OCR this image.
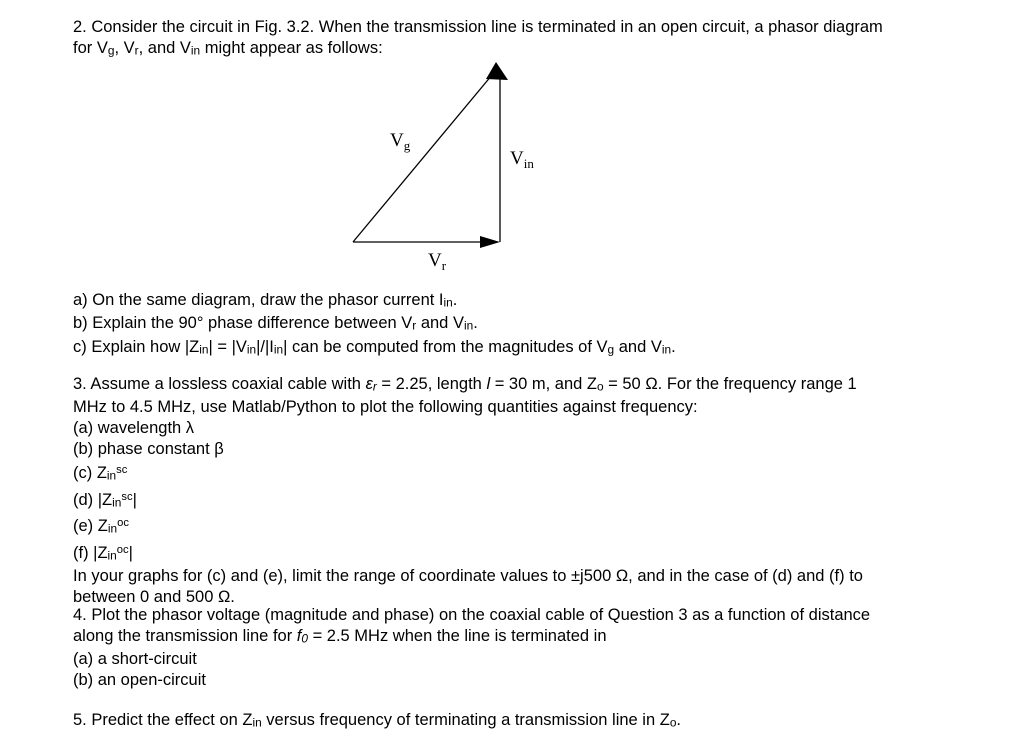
2. Consider the circuit in Fig. 3.2. When the transmission line is terminated in an open circuit, a phasor diagram
for Vg, Vr, and Vin might appear as follows:
$V_g$
$V_{in}$
$V_r$
a) On the same diagram, draw the phasor current Iin.
b) Explain the 90° phase difference between Vr and Vin.
c) Explain how |Zin| = |Vin|/|Iin| can be computed from the magnitudes of Vg and Vin.
3. Assume a lossless coaxial cable with εr = 2.25, length l = 30 m, and Zo = 50 Ω. For the frequency range 1
MHz to 4.5 MHz, use Matlab/Python to plot the following quantities against frequency:
(a) wavelength λ
(b) phase constant β
(c) Zin$^{sc}$
(d) |Zin$^{sc}$|
(e) Zin$^{oc}$
(f) |Zin$^{oc}$|
In your graphs for (c) and (e), limit the range of coordinate values to ±j500 Ω, and in the case of (d) and (f) to
between 0 and 500 Ω.
4. Plot the phasor voltage (magnitude and phase) on the coaxial cable of Question 3 as a function of distance
along the transmission line for f0 = 2.5 MHz when the line is terminated in
(a) a short-circuit
(b) an open-circuit
5. Predict the effect on Zin versus frequency of terminating a transmission line in Zo.
